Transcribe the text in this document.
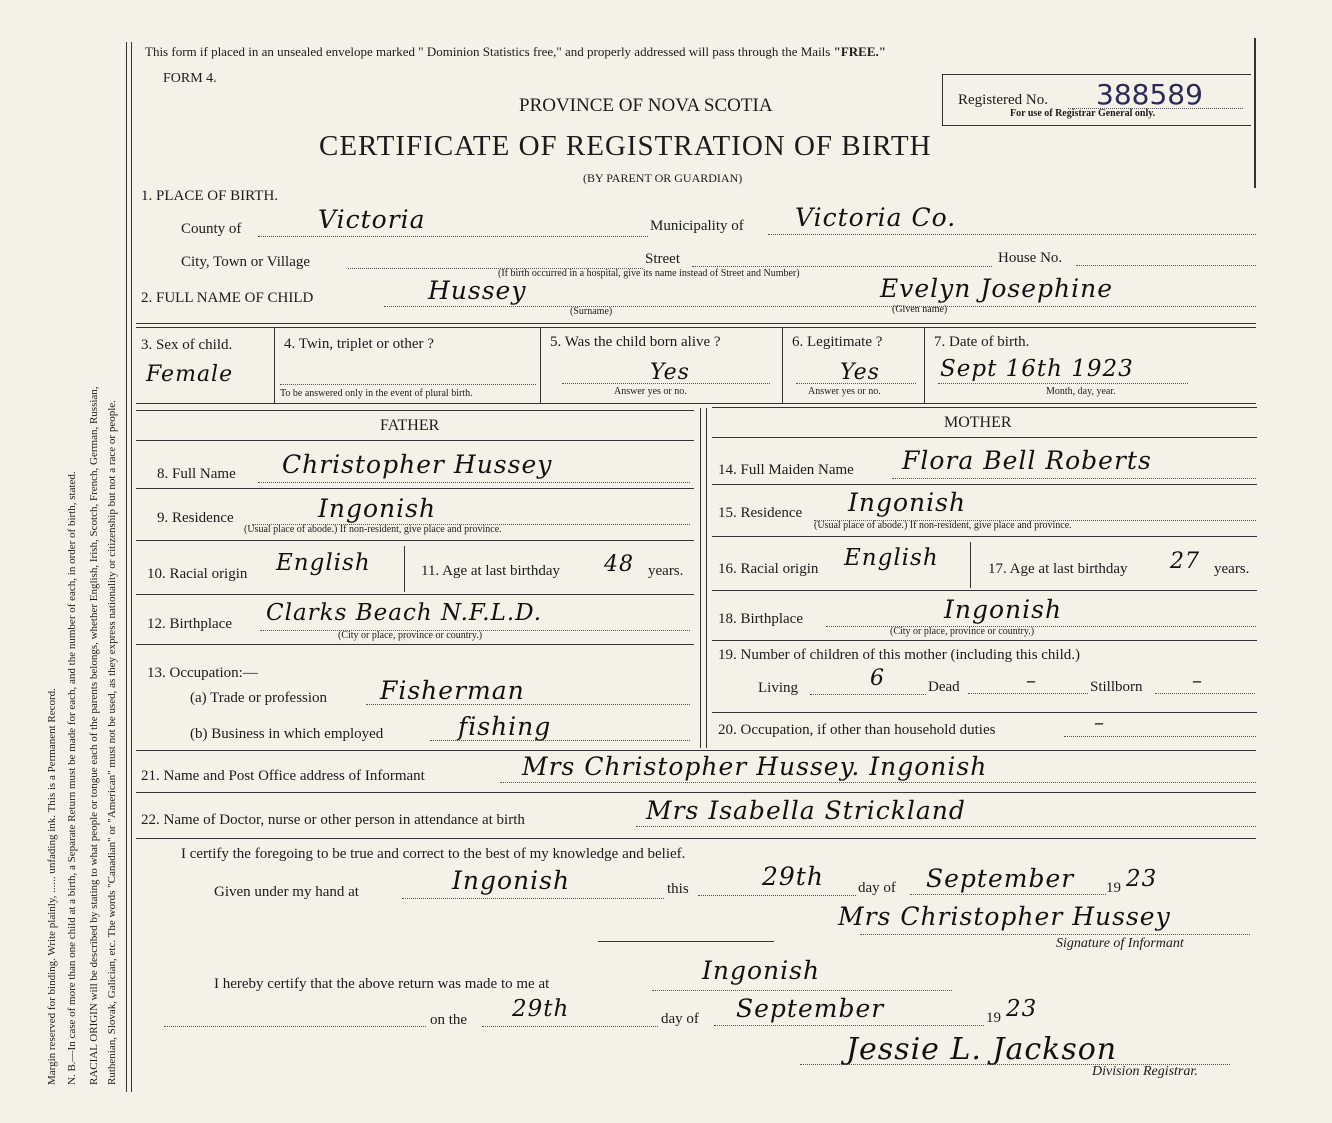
Margin reserved for binding. Write plainly, ...... unfading ink. This is a Permanent Record. N. B.—In case of more than one child at a birth, a Separate Return must be made for each, and the number of each, in order of birth, stated. RACIAL ORIGIN will be described by stating to what people or tongue each of the parents belongs, whether English, Irish, Scotch, French, German, Russian, Ruthenian, Slovak, Galician, etc. The words "Canadian" or "American" must not be used, as they express nationality or citizenship but not a race or people.
This form if placed in an unsealed envelope marked " Dominion Statistics free," and properly addressed will pass through the Mails "FREE."
FORM 4.
PROVINCE OF NOVA SCOTIA
CERTIFICATE OF REGISTRATION OF BIRTH
(BY PARENT OR GUARDIAN)
Registered No. 388589
For use of Registrar General only.
1. PLACE OF BIRTH.
County of	Victoria	Municipality of Victoria Co.
City, Town or Village	Street	House No.
(If birth occurred in a hospital, give its name instead of Street and Number)
2. FULL NAME OF CHILD	Hussey
(Surname)
Evelyn Josephine
(Given name)
3. Sex of child.
Female
4. Twin, triplet or other ?
To be answered only in the event of plural birth.
5. Was the child born alive ?
Yes
Answer yes or no.
6. Legitimate ?
Yes
Answer yes or no.
7. Date of birth.
Sept 16th 1923
Month, day, year.
FATHER	MOTHER
8. Full Name Christopher Hussey
9. Residence	Ingonish
(Usual place of abode.) If non-resident, give place and province.
10. Racial origin English	11. Age at last birthday 48 years.
12. Birthplace Clarks Beach N.F.L.D.
(City or place, province or country.)
13. Occupation:—
(a) Trade or profession Fisherman
(b) Business in which employed	fishing
14. Full Maiden Name Flora Bell Roberts
15. Residence Ingonish
(Usual place of abode.) If non-resident, give place and province.
16. Racial origin English	17. Age at last birthday 27 years.
18. Birthplace	Ingonish
(City or place, province or country.)
19. Number of children of this mother (including this child.)
Living	6	Dead	–	Stillborn –
20. Occupation, if other than household duties	–
21. Name and Post Office address of Informant	Mrs Christopher Hussey. Ingonish
22. Name of Doctor, nurse or other person in attendance at birth	Mrs Isabella Strickland
I certify the foregoing to be true and correct to the best of my knowledge and belief.
Given under my hand at	Ingonish	this	29th day of September 19 23
Mrs Christopher Hussey
Signature of Informant
I hereby certify that the above return was made to me at	Ingonish
on the 29th	day of September	19 23
Jessie L. Jackson
Division Registrar.
